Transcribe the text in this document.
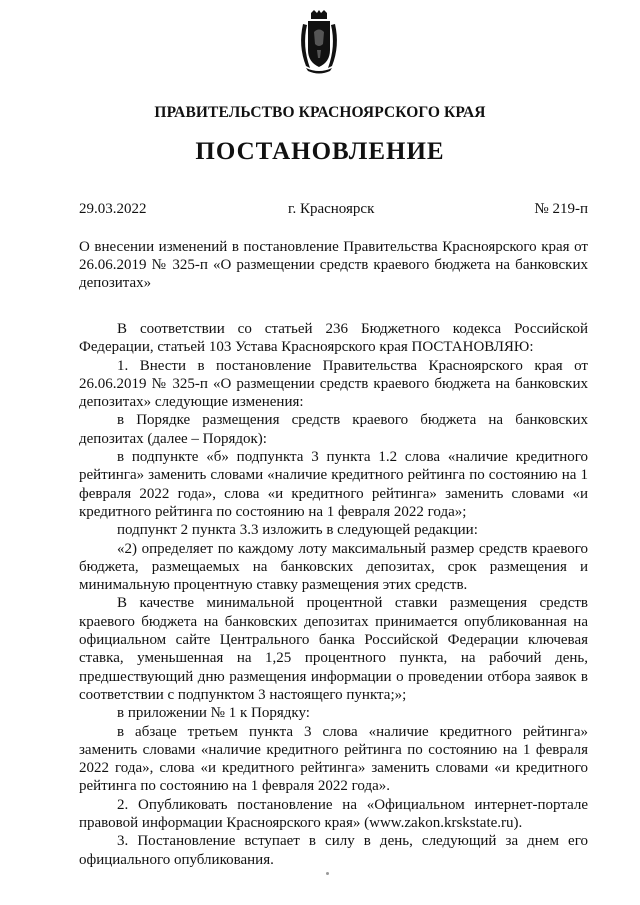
ПРАВИТЕЛЬСТВО КРАСНОЯРСКОГО КРАЯ
ПОСТАНОВЛЕНИЕ
29.03.2022	г. Красноярск	№ 219-п
О внесении изменений в постановление Правительства Красноярского края от 26.06.2019 № 325-п «О размещении средств краевого бюджета на банковских депозитах»

В соответствии со статьей 236 Бюджетного кодекса Российской Федерации, статьей 103 Устава Красноярского края ПОСТАНОВЛЯЮ:

1. Внести в постановление Правительства Красноярского края от 26.06.2019 № 325-п «О размещении средств краевого бюджета на банковских депозитах» следующие изменения:

в Порядке размещения средств краевого бюджета на банковских депозитах (далее – Порядок):

в подпункте «б» подпункта 3 пункта 1.2 слова «наличие кредитного рейтинга» заменить словами «наличие кредитного рейтинга по состоянию на 1 февраля 2022 года», слова «и кредитного рейтинга» заменить словами «и кредитного рейтинга по состоянию на 1 февраля 2022 года»;

подпункт 2 пункта 3.3 изложить в следующей редакции:

«2) определяет по каждому лоту максимальный размер средств краевого бюджета, размещаемых на банковских депозитах, срок размещения и минимальную процентную ставку размещения этих средств.

В качестве минимальной процентной ставки размещения средств краевого бюджета на банковских депозитах принимается опубликованная на официальном сайте Центрального банка Российской Федерации ключевая ставка, уменьшенная на 1,25 процентного пункта, на рабочий день, предшествующий дню размещения информации о проведении отбора заявок в соответствии с подпунктом 3 настоящего пункта;»;

в приложении № 1 к Порядку:

в абзаце третьем пункта 3 слова «наличие кредитного рейтинга» заменить словами «наличие кредитного рейтинга по состоянию на 1 февраля 2022 года», слова «и кредитного рейтинга» заменить словами «и кредитного рейтинга по состоянию на 1 февраля 2022 года».

2. Опубликовать постановление на «Официальном интернет-портале правовой информации Красноярского края» (www.zakon.krskstate.ru).

3. Постановление вступает в силу в день, следующий за днем его официального опубликования.
